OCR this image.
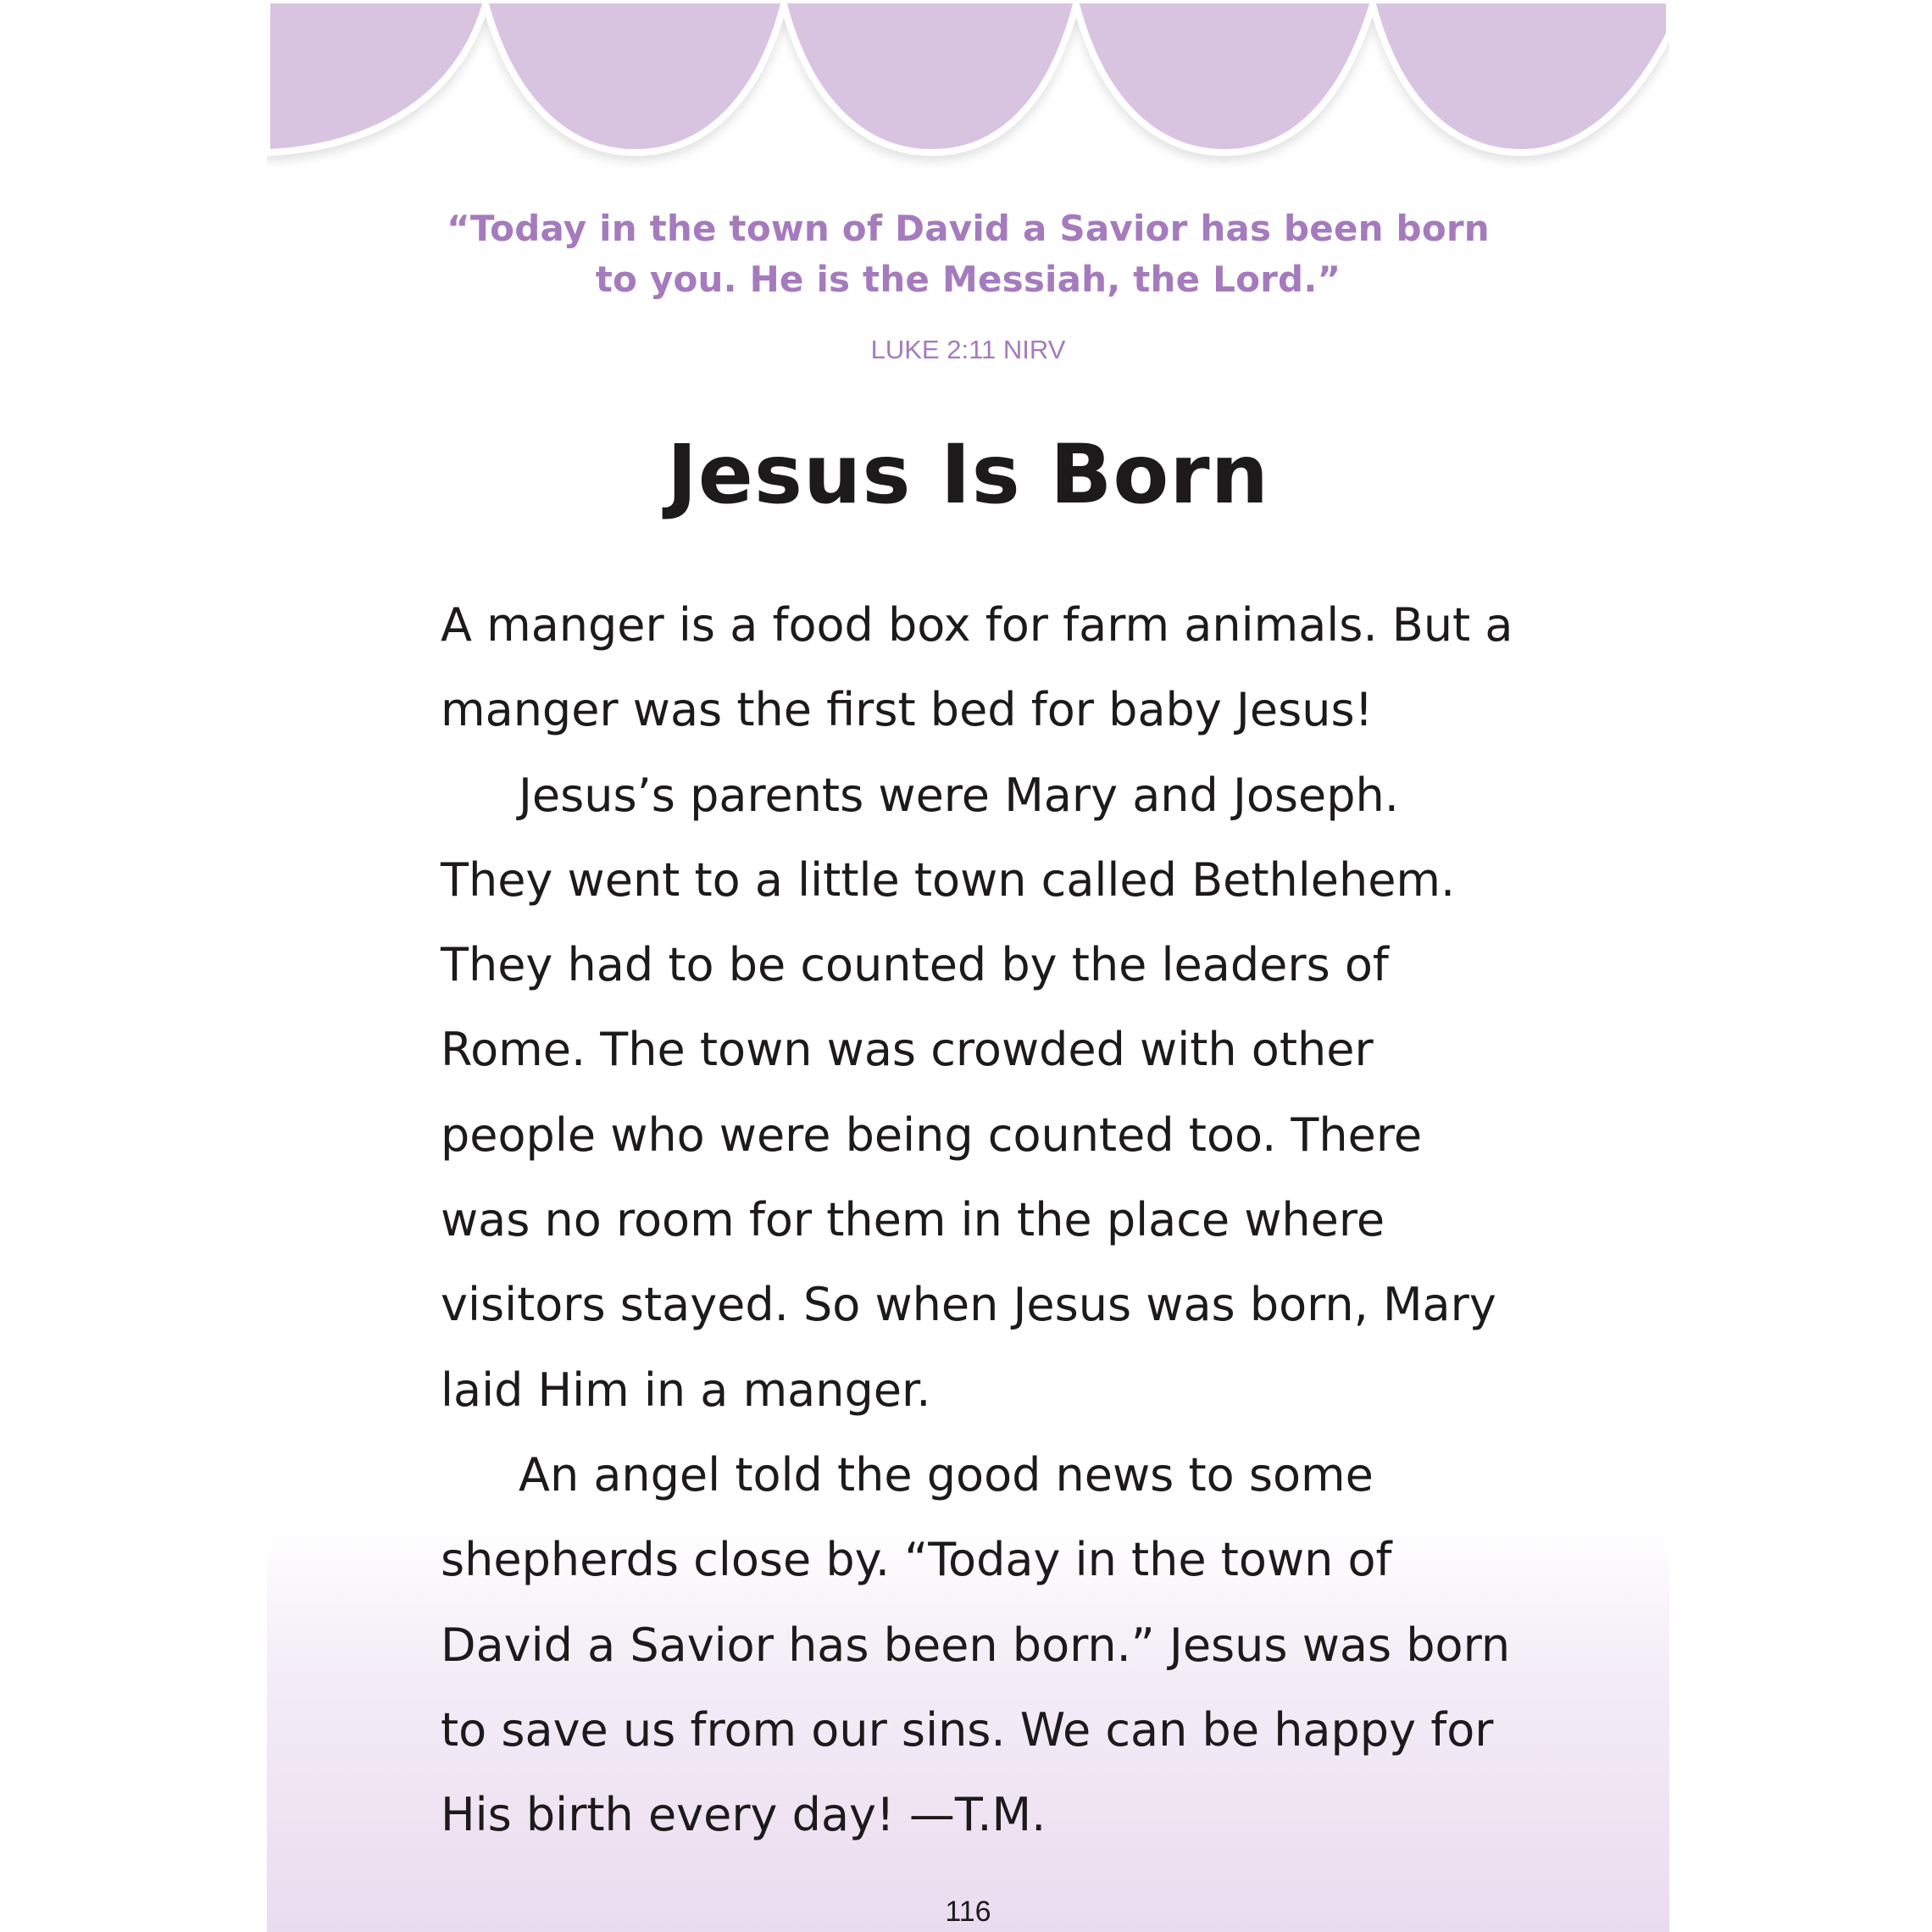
“Today in the town of David a Savior has been born
to you. He is the Messiah, the Lord.”
LUKE 2:11 NIRV
Jesus Is Born
A manger is a food box for farm animals. But a
manger was the first bed for baby Jesus!
Jesus’s parents were Mary and Joseph.
They went to a little town called Bethlehem.
They had to be counted by the leaders of
Rome. The town was crowded with other
people who were being counted too. There
was no room for them in the place where
visitors stayed. So when Jesus was born, Mary
laid Him in a manger.
An angel told the good news to some
shepherds close by. “Today in the town of
David a Savior has been born.” Jesus was born
to save us from our sins. We can be happy for
His birth every day! —T.M.
116
